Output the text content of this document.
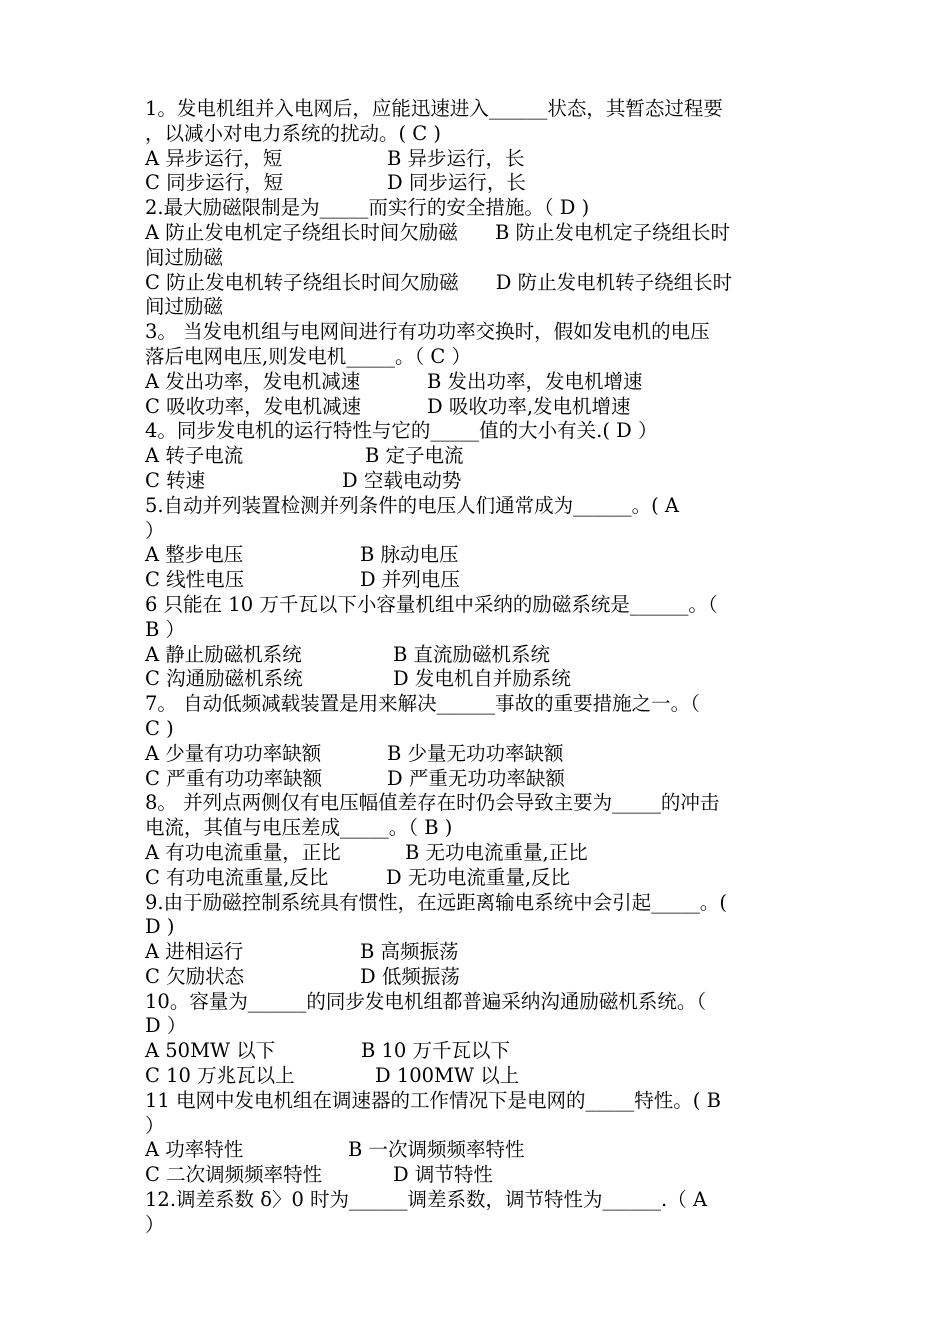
1。发电机组并入电网后，应能迅速进入______状态，其暂态过程要
，以减小对电力系统的扰动。( C )
A 异步运行，短	B 异步运行，长
C 同步运行，短	D 同步运行，长
2.最大励磁限制是为_____而实行的安全措施。（ D )
A 防止发电机定子绕组长时间欠励磁      B 防止发电机定子绕组长时
间过励磁
C 防止发电机转子绕组长时间欠励磁      D 防止发电机转子绕组长时
间过励磁
3。 当发电机组与电网间进行有功功率交换时，假如发电机的电压
落后电网电压,则发电机_____。（ C ）
A 发出功率，发电机减速	B 发出功率，发电机增速
C 吸收功率，发电机减速	D 吸收功率,发电机增速
4。同步发电机的运行特性与它的_____值的大小有关.( D ）
A 转子电流	B 定子电流
C 转速	D 空载电动势
5.自动并列装置检测并列条件的电压人们通常成为______。( A
）
A 整步电压	B 脉动电压
C 线性电压	D 并列电压
6 只能在 10 万千瓦以下小容量机组中采纳的励磁系统是______。（
B ）
A 静止励磁机系统	B 直流励磁机系统
C 沟通励磁机系统	D 发电机自并励系统
7。 自动低频减载装置是用来解决______事故的重要措施之一。（
C )
A 少量有功功率缺额	B 少量无功功率缺额
C 严重有功功率缺额	D 严重无功功率缺额
8。 并列点两侧仅有电压幅值差存在时仍会导致主要为_____的冲击
电流，其值与电压差成_____。（ B )
A 有功电流重量，正比	B 无功电流重量,正比
C 有功电流重量,反比	D 无功电流重量,反比
9.由于励磁控制系统具有惯性，在远距离输电系统中会引起_____。(
D )
A 进相运行	B 高频振荡
C 欠励状态	D 低频振荡
10。容量为______的同步发电机组都普遍采纳沟通励磁机系统。（
D ）
A 50MW 以下	B 10 万千瓦以下
C 10 万兆瓦以上	D 100MW 以上
11 电网中发电机组在调速器的工作情况下是电网的_____特性。( B
）
A 功率特性	B 一次调频频率特性
C 二次调频频率特性	D 调节特性
12.调差系数 δ〉0 时为______调差系数，调节特性为______.（ A
）
